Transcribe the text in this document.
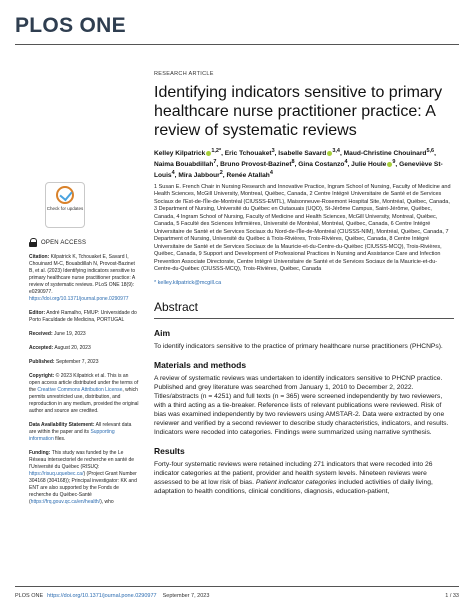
PLOS ONE
Check for updates
OPEN ACCESS
Citation: Kilpatrick K, Tchouaket E, Savard I, Chouinard M-C, Bouabdillah N, Provost-Bazinet B, et al. (2023) Identifying indicators sensitive to primary healthcare nurse practitioner practice: A review of systematic reviews. PLoS ONE 18(9): e0290977. https://doi.org/10.1371/journal.pone.0290977
Editor: André Ramalho, FMUP: Universidade do Porto Faculdade de Medicina, PORTUGAL
Received: June 19, 2023
Accepted: August 20, 2023
Published: September 7, 2023
Copyright: © 2023 Kilpatrick et al. This is an open access article distributed under the terms of the Creative Commons Attribution License, which permits unrestricted use, distribution, and reproduction in any medium, provided the original author and source are credited.
Data Availability Statement: All relevant data are within the paper and its Supporting information files.
Funding: This study was funded by the Le Réseau intersectoriel de recherche en santé de l'Université du Québec (RISUQ: https://risuq.uquebec.ca/) (Project Grant Number 304168 (304168)); Principal investigator: KK and ENT are also supported by the Fonds de recherche du Québec-Santé (https://frq.gouv.qc.ca/en/health/), who
RESEARCH ARTICLE
Identifying indicators sensitive to primary healthcare nurse practitioner practice: A review of systematic reviews
Kelley Kilpatrick $^{1,2*}$, Eric Tchouaket$^3$, Isabelle Savard $^{3,4}$, Maud-Christine Chouinard$^{5,6}$, Naima Bouabdillah$^7$, Bruno Provost-Bazinet$^8$, Gina Costanzo$^4$, Julie Houle $^9$, Geneviève St-Louis$^4$, Mira Jabbour$^2$, Renée Atallah$^4$
1 Susan E. French Chair in Nursing Research and Innovative Practice, Ingram School of Nursing, Faculty of Medicine and Health Sciences, McGill University, Montreal, Québec, Canada, 2 Centre Intégré Universitaire de Santé et de Services Sociaux de l'Est-de-l'Île-de-Montréal (CIUSSS-EMTL), Maisonneuve-Rosemont Hospital Site, Montréal, Québec, Canada, 3 Department of Nursing, Université du Québec en Outaouais (UQO), St-Jérôme Campus, Saint-Jérôme, Québec, Canada, 4 Ingram School of Nursing, Faculty of Medicine and Health Sciences, McGill University, Montreal, Québec, Canada, 5 Faculté des Sciences Infirmières, Université de Montréal, Montréal, Québec, Canada, 6 Centre Intégré Universitaire de Santé et de Services Sociaux du Nord-de-l'Île-de-Montréal (CIUSSS-NIM), Montréal, Québec, Canada, 7 Department of Nursing, Université du Québec à Trois-Rivières, Trois-Rivières, Québec, Canada, 8 Centre Intégré Universitaire de Santé et de Services Sociaux de la Mauricie-et-du-Centre-du-Québec (CIUSSS-MCQ), Trois-Rivières, Québec, Canada, 9 Support and Development of Professional Practices in Nursing and Assistance Care and Infection Prevention Associate Directorate, Centre Intégré Universitaire de Santé et de Services Sociaux de la Mauricie-et-du-Centre-du-Québec (CIUSSS-MCQ), Trois-Rivières, Québec, Canada
* kelley.kilpatrick@mcgill.ca
Abstract
Aim
To identify indicators sensitive to the practice of primary healthcare nurse practitioners (PHCNPs).
Materials and methods
A review of systematic reviews was undertaken to identify indicators sensitive to PHCNP practice. Published and grey literature was searched from January 1, 2010 to December 2, 2022. Titles/abstracts (n = 4251) and full texts (n = 365) were screened independently by two reviewers, with a third acting as a tie-breaker. Reference lists of relevant publications were reviewed. Risk of bias was examined independently by two reviewers using AMSTAR-2. Data were extracted by one reviewer and verified by a second reviewer to describe study characteristics, indicators, and results. Indicators were recoded into categories. Findings were summarized using narrative synthesis.
Results
Forty-four systematic reviews were retained including 271 indicators that were recoded into 26 indicator categories at the patient, provider and health system levels. Nineteen reviews were assessed to be at low risk of bias. Patient indicator categories included activities of daily living, adaptation to health conditions, clinical conditions, diagnosis, education-patient,
PLOS ONE https://doi.org/10.1371/journal.pone.0290977 September 7, 2023	1 / 33
